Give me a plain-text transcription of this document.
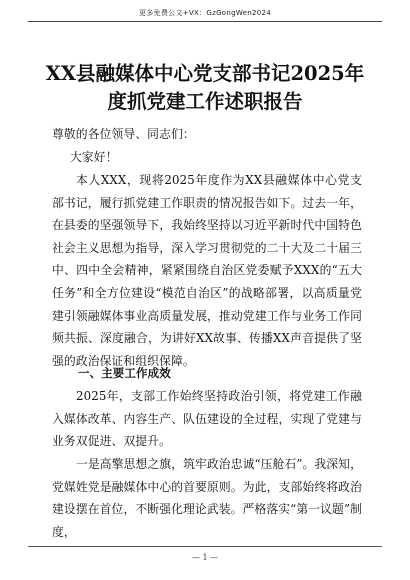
更多免费公文+VX：GzGongWen2024
XX县融媒体中心党支部书记2025年度抓党建工作述职报告
尊敬的各位领导、同志们：
大家好！
本人XXX，现将2025年度作为XX县融媒体中心党支部书记，履行抓党建工作职责的情况报告如下。过去一年，在县委的坚强领导下，我始终坚持以习近平新时代中国特色社会主义思想为指导，深入学习贯彻党的二十大及二十届三中、四中全会精神，紧紧围绕自治区党委赋予XXX的“五大任务”和全方位建设“模范自治区”的战略部署，以高质量党建引领融媒体事业高质量发展，推动党建工作与业务工作同频共振、深度融合，为讲好XX故事、传播XX声音提供了坚强的政治保证和组织保障。
一、主要工作成效
2025年，支部工作始终坚持政治引领，将党建工作融入媒体改革、内容生产、队伍建设的全过程，实现了党建与业务双促进、双提升。
一是高擎思想之旗，筑牢政治忠诚“压舱石”。我深知，党媒姓党是融媒体中心的首要原则。为此，支部始终将政治建设摆在首位，不断强化理论武装。严格落实“第一议题”制度，
— 1 —
